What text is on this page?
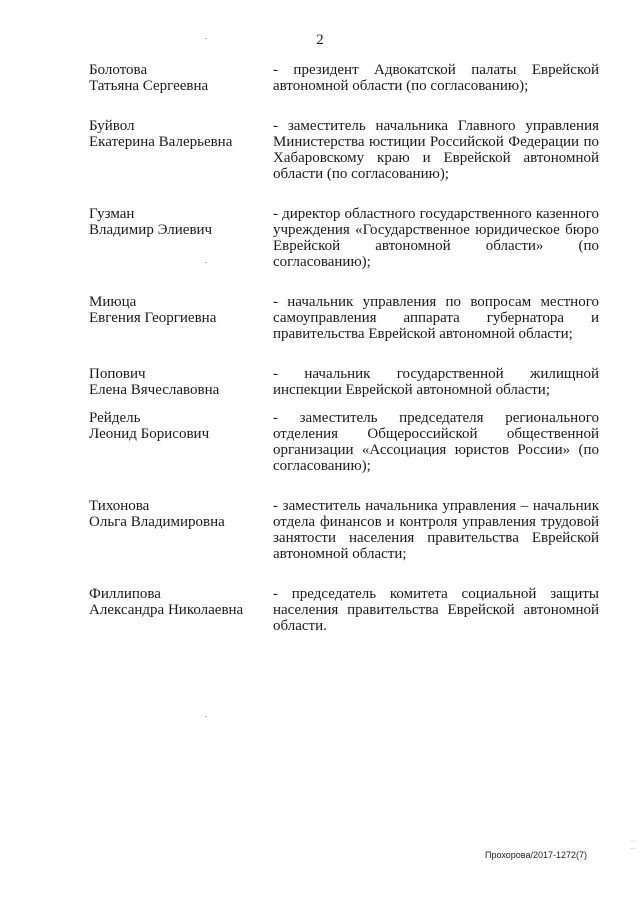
2
Болотова
Татьяна Сергеевна
- президент Адвокатской палаты Еврейской автономной области (по согласованию);
Буйвол
Екатерина Валерьевна
- заместитель начальника Главного управления Министерства юстиции Российской Федерации по Хабаровскому краю и Еврейской автономной области (по согласованию);
Гузман
Владимир Элиевич
- директор областного государственного казенного учреждения «Государственное юридическое бюро Еврейской автономной области» (по согласованию);
Миюца
Евгения Георгиевна
- начальник управления по вопросам местного самоуправления аппарата губернатора и правительства Еврейской автономной области;
Попович
Елена Вячеславовна
- начальник государственной жилищной инспекции Еврейской автономной области;
Рейдель
Леонид Борисович
- заместитель председателя регионального отделения Общероссийской общественной организации «Ассоциация юристов России» (по согласованию);
Тихонова
Ольга Владимировна
- заместитель начальника управления – начальник отдела финансов и контроля управления трудовой занятости населения правительства Еврейской автономной области;
Филлипова
Александра Николаевна
- председатель комитета социальной защиты населения правительства Еврейской автономной области.
Прохорова/2017-1272(7)
⋮ ⋮
